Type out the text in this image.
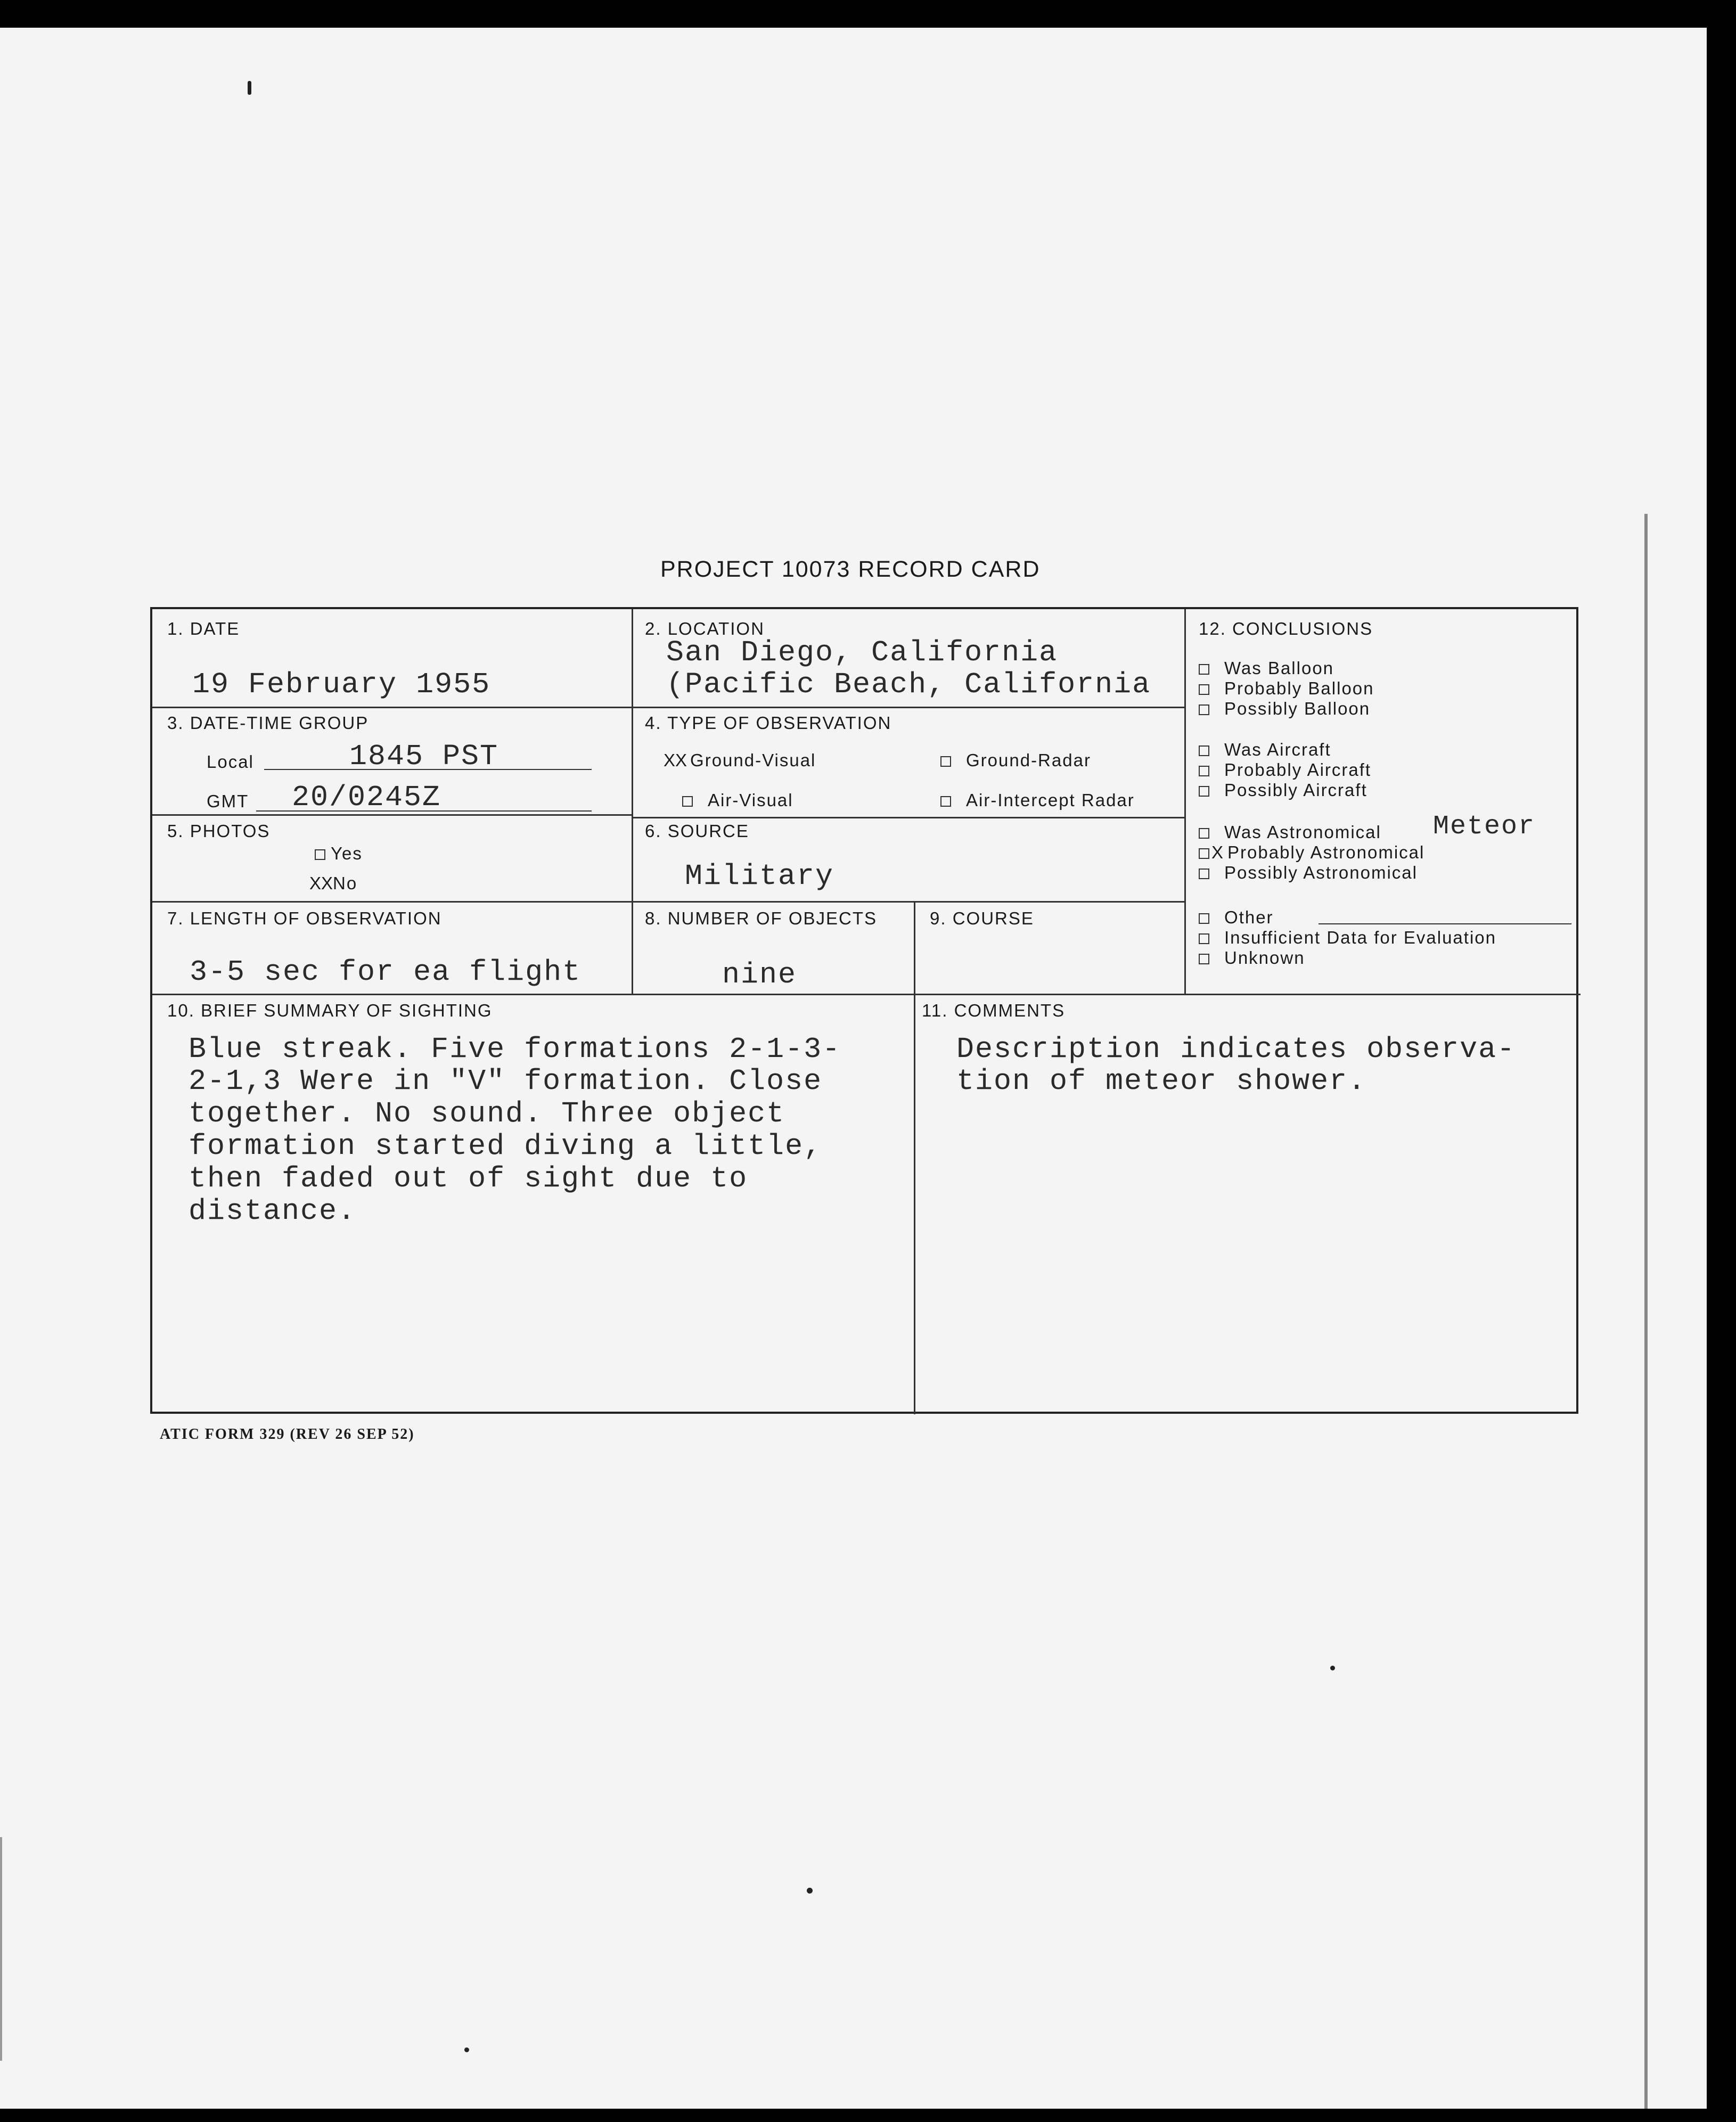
PROJECT 10073 RECORD CARD
1. DATE
19 February 1955
2. LOCATION
San Diego, California
(Pacific Beach, California
3. DATE-TIME GROUP
Local	1845 PST
GMT 20/0245Z
4. TYPE OF OBSERVATION
XX Ground-Visual	Ground-Radar
Air-Visual	Air-Intercept Radar
5. PHOTOS
Yes
XXNo
6. SOURCE
Military
7. LENGTH OF OBSERVATION
3-5 sec for ea flight
8. NUMBER OF OBJECTS
nine
9. COURSE
10. BRIEF SUMMARY OF SIGHTING
Blue streak. Five formations 2-1-3-
2-1,3 Were in "V" formation. Close
together. No sound. Three object
formation started diving a little,
then faded out of sight due to
distance.
11. COMMENTS
Description indicates observa-
tion of meteor shower.
12. CONCLUSIONS
Was Balloon
Probably Balloon
Possibly Balloon
Was Aircraft
Probably Aircraft
Possibly Aircraft
Was Astronomical Meteor
X Probably Astronomical
Possibly Astronomical
Other
Insufficient Data for Evaluation
Unknown
ATIC FORM 329 (REV 26 SEP 52)
